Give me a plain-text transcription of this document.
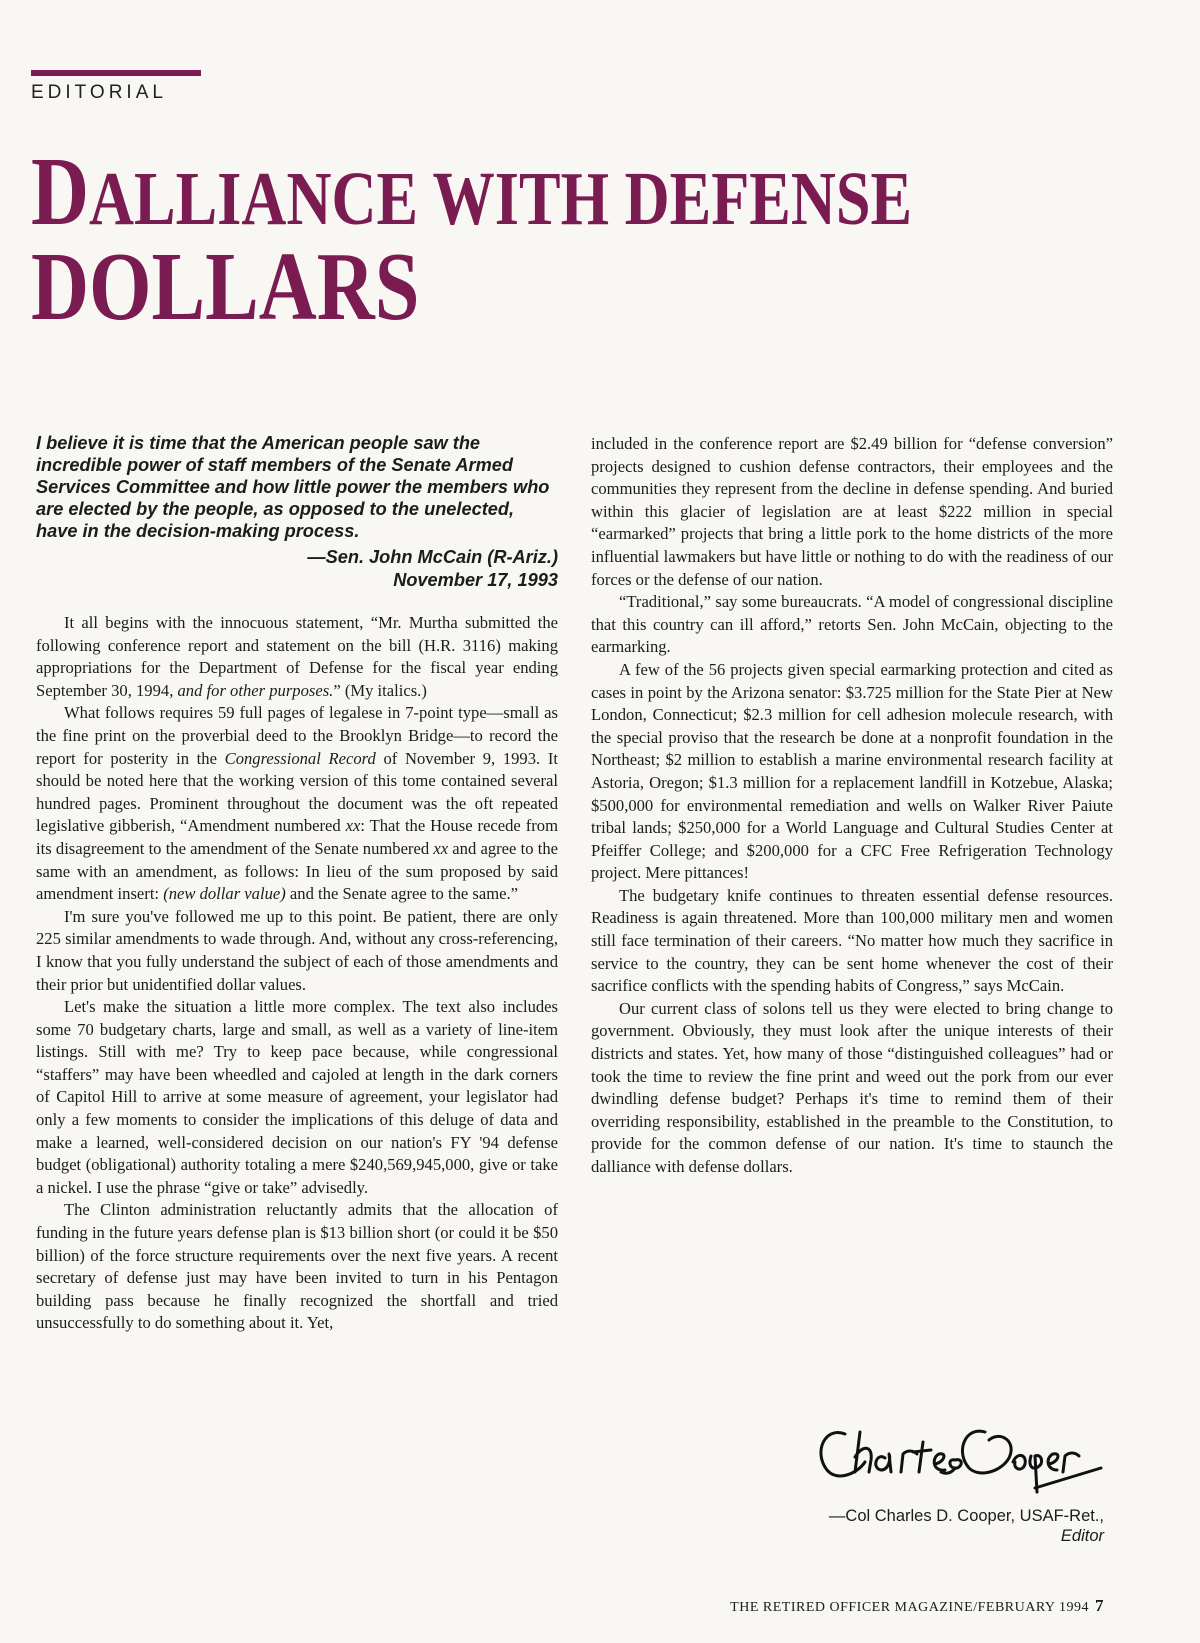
EDITORIAL
DALLIANCE WITH DEFENSE
DOLLARS

I believe it is time that the American people saw the incredible power of staff members of the Senate Armed Services Committee and how little power the members who are elected by the people, as opposed to the unelected, have in the decision-making process.

—Sen. John McCain (R-Ariz.)
November 17, 1993

It all begins with the innocuous statement, “Mr. Murtha submitted the following conference report and statement on the bill (H.R. 3116) making appropriations for the Department of Defense for the fiscal year ending September 30, 1994, and for other purposes.” (My italics.)

What follows requires 59 full pages of legalese in 7-point type—small as the fine print on the proverbial deed to the Brooklyn Bridge—to record the report for posterity in the Congressional Record of November 9, 1993. It should be noted here that the working version of this tome contained several hundred pages. Prominent throughout the document was the oft repeated legislative gibberish, “Amendment numbered xx: That the House recede from its disagreement to the amendment of the Senate numbered xx and agree to the same with an amendment, as follows: In lieu of the sum proposed by said amendment insert: (new dollar value) and the Senate agree to the same.”

I'm sure you've followed me up to this point. Be patient, there are only 225 similar amendments to wade through. And, without any cross-referencing, I know that you fully understand the subject of each of those amendments and their prior but unidentified dollar values.

Let's make the situation a little more complex. The text also includes some 70 budgetary charts, large and small, as well as a variety of line-item listings. Still with me? Try to keep pace because, while congressional “staffers” may have been wheedled and cajoled at length in the dark corners of Capitol Hill to arrive at some measure of agreement, your legislator had only a few moments to consider the implications of this deluge of data and make a learned, well-considered decision on our nation's FY '94 defense budget (obligational) authority totaling a mere $240,569,945,000, give or take a nickel. I use the phrase “give or take” advisedly.

The Clinton administration reluctantly admits that the allocation of funding in the future years defense plan is $13 billion short (or could it be $50 billion) of the force structure requirements over the next five years. A recent secretary of defense just may have been invited to turn in his Pentagon building pass because he finally recognized the shortfall and tried unsuccessfully to do something about it. Yet,

included in the conference report are $2.49 billion for “defense conversion” projects designed to cushion defense contractors, their employees and the communities they represent from the decline in defense spending. And buried within this glacier of legislation are at least $222 million in special “earmarked” projects that bring a little pork to the home districts of the more influential lawmakers but have little or nothing to do with the readiness of our forces or the defense of our nation.

“Traditional,” say some bureaucrats. “A model of congressional discipline that this country can ill afford,” retorts Sen. John McCain, objecting to the earmarking.

A few of the 56 projects given special earmarking protection and cited as cases in point by the Arizona senator: $3.725 million for the State Pier at New London, Connecticut; $2.3 million for cell adhesion molecule research, with the special proviso that the research be done at a nonprofit foundation in the Northeast; $2 million to establish a marine environmental research facility at Astoria, Oregon; $1.3 million for a replacement landfill in Kotzebue, Alaska; $500,000 for environmental remediation and wells on Walker River Paiute tribal lands; $250,000 for a World Language and Cultural Studies Center at Pfeiffer College; and $200,000 for a CFC Free Refrigeration Technology project. Mere pittances!

The budgetary knife continues to threaten essential defense resources. Readiness is again threatened. More than 100,000 military men and women still face termination of their careers. “No matter how much they sacrifice in service to the country, they can be sent home whenever the cost of their sacrifice conflicts with the spending habits of Congress,” says McCain.

Our current class of solons tell us they were elected to bring change to government. Obviously, they must look after the unique interests of their districts and states. Yet, how many of those “distinguished colleagues” had or took the time to review the fine print and weed out the pork from our ever dwindling defense budget? Perhaps it's time to remind them of their overriding responsibility, established in the preamble to the Constitution, to provide for the common defense of our nation. It's time to staunch the dalliance with defense dollars.

—Col Charles D. Cooper, USAF-Ret.,
Editor
THE RETIRED OFFICER MAGAZINE/FEBRUARY 1994 7
